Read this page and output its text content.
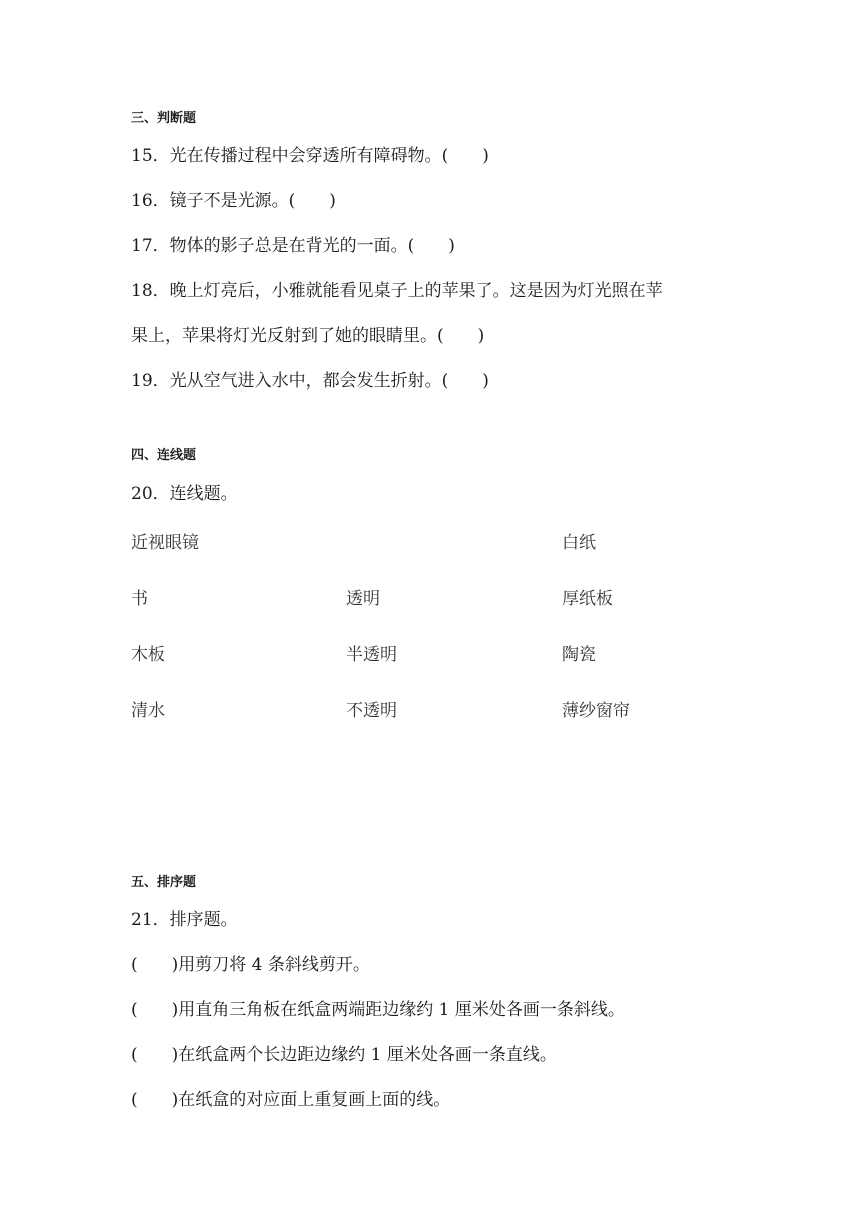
三、判断题
15．光在传播过程中会穿透所有障碍物。(　　)
16．镜子不是光源。(　　)
17．物体的影子总是在背光的一面。(　　)
18．晚上灯亮后，小雅就能看见桌子上的苹果了。这是因为灯光照在苹
果上，苹果将灯光反射到了她的眼睛里。(　　)
19．光从空气进入水中，都会发生折射。(　　)
四、连线题
20．连线题。
近视眼镜
书
木板
清水
透明
半透明
不透明
白纸
厚纸板
陶瓷
薄纱窗帘
五、排序题
21．排序题。
(　　)用剪刀将 4 条斜线剪开。
(　　)用直角三角板在纸盒两端距边缘约 1 厘米处各画一条斜线。
(　　)在纸盒两个长边距边缘约 1 厘米处各画一条直线。
(　　)在纸盒的对应面上重复画上面的线。
